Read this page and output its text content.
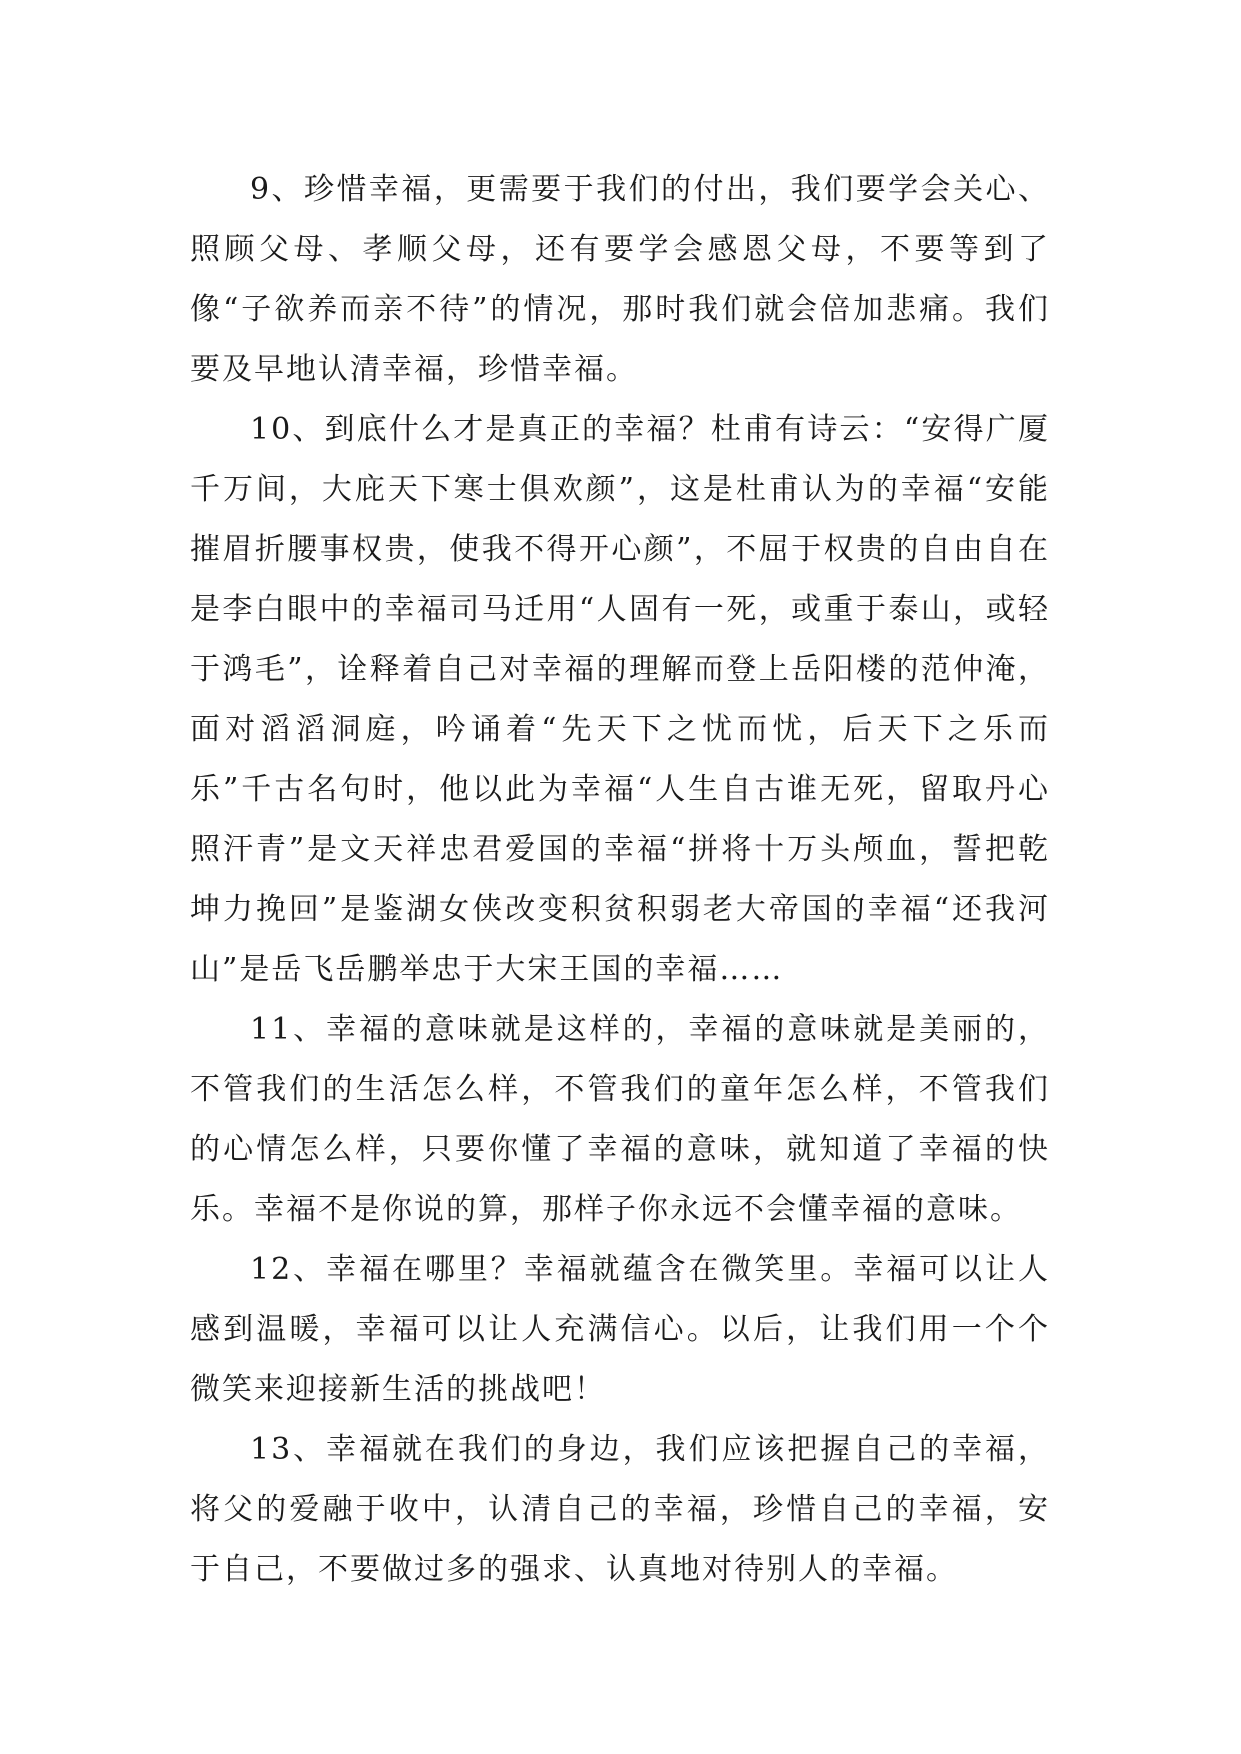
9、珍惜幸福，更需要于我们的付出，我们要学会关心、照顾父母、孝顺父母，还有要学会感恩父母，不要等到了像“子欲养而亲不待”的情况，那时我们就会倍加悲痛。我们要及早地认清幸福，珍惜幸福。

10、到底什么才是真正的幸福？杜甫有诗云：“安得广厦千万间，大庇天下寒士俱欢颜”，这是杜甫认为的幸福“安能摧眉折腰事权贵，使我不得开心颜”，不屈于权贵的自由自在是李白眼中的幸福司马迁用“人固有一死，或重于泰山，或轻于鸿毛”，诠释着自己对幸福的理解而登上岳阳楼的范仲淹，面对滔滔洞庭，吟诵着“先天下之忧而忧，后天下之乐而乐”千古名句时，他以此为幸福“人生自古谁无死，留取丹心照汗青”是文天祥忠君爱国的幸福“拼将十万头颅血，誓把乾坤力挽回”是鉴湖女侠改变积贫积弱老大帝国的幸福“还我河山”是岳飞岳鹏举忠于大宋王国的幸福……

11、幸福的意味就是这样的，幸福的意味就是美丽的，不管我们的生活怎么样，不管我们的童年怎么样，不管我们的心情怎么样，只要你懂了幸福的意味，就知道了幸福的快乐。幸福不是你说的算，那样子你永远不会懂幸福的意味。

12、幸福在哪里？幸福就蕴含在微笑里。幸福可以让人感到温暖，幸福可以让人充满信心。以后，让我们用一个个微笑来迎接新生活的挑战吧！

13、幸福就在我们的身边，我们应该把握自己的幸福，将父的爱融于收中，认清自己的幸福，珍惜自己的幸福，安于自己，不要做过多的强求、认真地对待别人的幸福。
